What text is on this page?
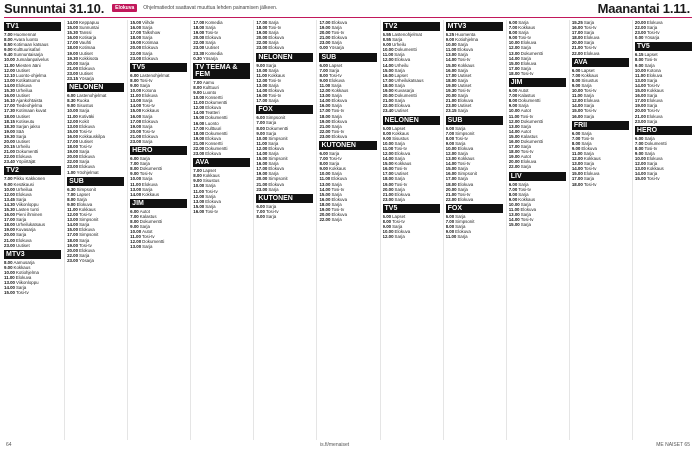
Sunnuntai 31.10.	Elokuva	Ohjelmatiedot saattavat muuttua lehden painamisen jälkeen.	Maanantai 1.11.
TV1
7.00Huomenna!
8.00Avara luonto
8.50Kotimaan katsaus
9.00Kulttuurisafari
9.40Sunnuntaisarja
10.00Jumalanpalvelus
11.00Miesten ääni
12.00Uutiset
12.10Luonto-ohjelma
13.00Kotikatsomo
14.00Elokuva
15.30Urheilua
16.00Uutiset
16.10Ajankohtaista
17.00Tiedeohjelma
17.30Kotimaan kuvat
18.00Uutiset
18.15Kotiseutu
18.30Sarjan jakso
19.00Sää
19.30Sarja
20.00Uutiset
20.15Urheilu
21.00Dokumentti
22.00Elokuva
23.40Yöpiirtäjät
TV2
7.00Pikku Kakkonen
9.00Kesäkausi
10.00Urheilua
12.00Elokuva
13.45Sarja
14.30Viikonloppu
15.30Lasten tunti
16.00Pieni ihminen
17.00Sarja
18.00Urheilukatsaus
19.00Kuvasarja
20.00Sarja
21.00Elokuva
23.00Uutiset
MTV3
8.00Aamusarja
9.00Kokkaus
10.00Kotiohjelma
11.00Elokuva
13.00Viikonloppu
14.00Sarja
15.00Tosi-tv
14.00Keppapuu
15.00Sunnuntai
15.30Tanssi
16.00Kotisarja
17.00Vauhti
18.00Kotimaa
19.00Uutiset
19.30Kokkisota
20.00Sarja
21.00Elokuva
23.00Uutiset
23.15Yösarja
NELONEN
6.00Lastenohjelmat
8.30Ruoka
9.00Sisustus
10.00Sarja
11.00Kotiväki
12.00Kokit
13.00Elokuva
15.00Tosi-tv
16.00Kokkauskilpa
17.00Uutiset
18.00Tosi-tv
19.00Sarja
20.00Elokuva
22.00Sarja
23.00Elokuva
1.00Yöohjelmat
SUB
6.30Simpsonit
7.00Lapset
8.00Sarja
9.00Elokuva
11.00Kokkaus
12.00Tosi-tv
13.00Simpsonit
14.00Sarja
15.00Elokuva
17.00Simpsonit
18.00Sarja
19.00Tosi-tv
20.00Elokuva
22.00Sarja
23.00Yösarja
15.00Viihde
16.00Sarja
17.00Talkshow
18.00Sarja
19.00Kotimaa
20.00Elokuva
22.00Sarja
23.00Elokuva
TV5
6.00Lastenohjelmat
8.00Tosi-tv
9.00Sarja
10.00Kotona
11.00Elokuva
13.00Sarja
14.00Tosi-tv
15.00Kokkaus
16.00Sarja
17.00Elokuva
19.00Sarja
20.00Tosi-tv
21.00Elokuva
23.00Sarja
HERO
6.00Sarja
7.00Sarja
8.00Dokumentti
9.00Tosi-tv
10.00Sarja
11.00Elokuva
13.00Sarja
14.00Kokkaus
JIM
6.00Autot
7.00Kalastus
8.00Dokumentti
9.00Sarja
10.00Autot
11.00Tosi-tv
12.00Dokumentti
13.00Sarja
17.00Komedia
18.00Sarja
19.00Tosi-tv
20.00Elokuva
22.00Sarja
23.00Uutiset
23.30Komedia
0.30Yösarja
TV TEEMA & FEM
7.00Aamu
8.00Kulttuuri
9.00Luonto
10.00Konsertti
11.00Dokumentti
12.00Elokuva
14.00Teatteri
15.00Dokumentti
16.00Luonto
17.00Kulttuuri
18.00Dokumentti
19.00Elokuva
21.00Konsertti
22.00Dokumentti
23.00Elokuva
AVA
7.00Lapset
8.00Kokkaus
9.00Sisustus
10.00Sarja
11.00Tosi-tv
12.00Sarja
13.00Elokuva
15.00Sarja
16.00Tosi-tv
17.00Sarja
18.00Tosi-tv
19.00Sarja
20.00Elokuva
22.00Sarja
23.00Elokuva
NELONEN
9.00Sarja
10.00Sarja
11.00Kokkaus
12.00Tosi-tv
13.00Sarja
14.00Elokuva
16.00Tosi-tv
17.00Sarja
FOX
6.00Simpsonit
7.00Sarja
8.00Dokumentti
9.00Sarja
10.00Simpsonit
11.00Sarja
12.00Elokuva
14.00Sarja
15.00Simpsonit
16.00Sarja
17.00Elokuva
19.00Sarja
20.00Simpsonit
21.00Elokuva
23.00Sarja
KUTONEN
6.00Sarja
7.00Tosi-tv
8.00Sarja
17.00Elokuva
19.00Sarja
20.00Tosi-tv
21.00Elokuva
23.00Sarja
0.00Yösarja
SUB
6.00Lapset
7.00Sarja
8.00Tosi-tv
9.00Elokuva
11.00Sarja
12.00Kokkaus
13.00Sarja
14.00Elokuva
16.00Sarja
17.00Tosi-tv
18.00Sarja
19.00Elokuva
21.00Sarja
22.00Tosi-tv
23.00Elokuva
KUTONEN
6.00Sarja
7.00Tosi-tv
8.00Sarja
9.00Kokkaus
10.00Sarja
11.00Elokuva
13.00Sarja
14.00Tosi-tv
15.00Sarja
16.00Elokuva
18.00Sarja
19.00Tosi-tv
20.00Elokuva
22.00Sarja
TV2
6.55Lastenohjelmat
8.55Sarja
9.00Urheilu
10.00Dokumentti
11.00Sarja
12.00Elokuva
14.00Urheilu
15.00Sarja
16.00Lapset
17.00Urheilukatsaus
18.00Sarja
19.00Kuvasarja
20.00Dokumentti
21.00Sarja
22.00Elokuva
23.40Uutiset
NELONEN
6.00Lapset
8.00Kokkaus
9.00Sisustus
10.00Sarja
11.00Tosi-tv
12.00Elokuva
14.00Sarja
15.00Kokkaus
16.00Tosi-tv
17.00Uutiset
18.00Sarja
19.00Tosi-tv
20.00Sarja
21.00Elokuva
23.00Sarja
TV5
6.00Lapset
8.00Tosi-tv
9.00Sarja
10.00Elokuva
12.00Sarja
MTV3
6.25Huomenta
9.00Kotiohjelma
10.00Sarja
11.00Elokuva
13.00Sarja
14.00Tosi-tv
15.00Kokkaus
16.00Sarja
17.00Uutiset
18.00Sarja
19.00Uutiset
19.30Tosi-tv
20.00Sarja
21.00Elokuva
23.00Uutiset
23.15Sarja
SUB
6.00Sarja
7.00Simpsonit
8.00Tosi-tv
9.00Sarja
10.00Elokuva
12.00Sarja
13.00Kokkaus
14.00Tosi-tv
15.00Sarja
16.00Simpsonit
17.00Sarja
18.00Elokuva
20.00Sarja
21.00Tosi-tv
22.00Elokuva
FOX
6.00Sarja
7.00Simpsonit
8.00Sarja
9.00Elokuva
11.00Sarja
6.00Sarja
7.00Kokkaus
8.00Sarja
9.00Tosi-tv
10.00Elokuva
12.00Sarja
13.00Dokumentti
14.00Sarja
15.00Elokuva
17.00Sarja
18.00Tosi-tv
JIM
6.00Autot
7.00Kalastus
8.00Dokumentti
9.00Sarja
10.00Autot
11.00Tosi-tv
12.00Dokumentti
13.00Sarja
14.00Autot
15.00Kalastus
16.00Dokumentti
17.00Sarja
18.00Tosi-tv
19.00Autot
20.00Elokuva
22.00Sarja
LIV
6.00Sarja
7.00Tosi-tv
8.00Sarja
9.00Kokkaus
10.00Sarja
11.00Elokuva
13.00Sarja
14.00Tosi-tv
15.00Sarja
15.25Sarja
16.00Tosi-tv
17.00Sarja
18.00Elokuva
20.00Sarja
21.00Tosi-tv
22.00Elokuva
AVA
6.00Lapset
7.00Kokkaus
8.00Sisustus
9.00Sarja
10.00Tosi-tv
11.00Sarja
12.00Elokuva
14.00Sarja
15.00Tosi-tv
16.00Sarja
FRII
6.00Sarja
7.00Tosi-tv
8.00Sarja
9.00Elokuva
11.00Sarja
12.00Kokkaus
13.00Sarja
14.00Tosi-tv
15.00Elokuva
17.00Sarja
18.00Tosi-tv
20.00Elokuva
22.00Sarja
23.00Tosi-tv
0.00Yösarja
TV5
6.15Lapset
8.00Tosi-tv
9.00Sarja
10.00Kotona
11.00Elokuva
13.00Sarja
14.00Tosi-tv
15.00Kokkaus
16.00Sarja
17.00Elokuva
19.00Sarja
20.00Tosi-tv
21.00Elokuva
23.00Sarja
HERO
6.00Sarja
7.00Dokumentti
8.00Tosi-tv
9.00Sarja
10.00Elokuva
12.00Sarja
13.00Kokkaus
14.00Sarja
15.00Tosi-tv
64	is.fi/menaiset	ME NAISET 65
